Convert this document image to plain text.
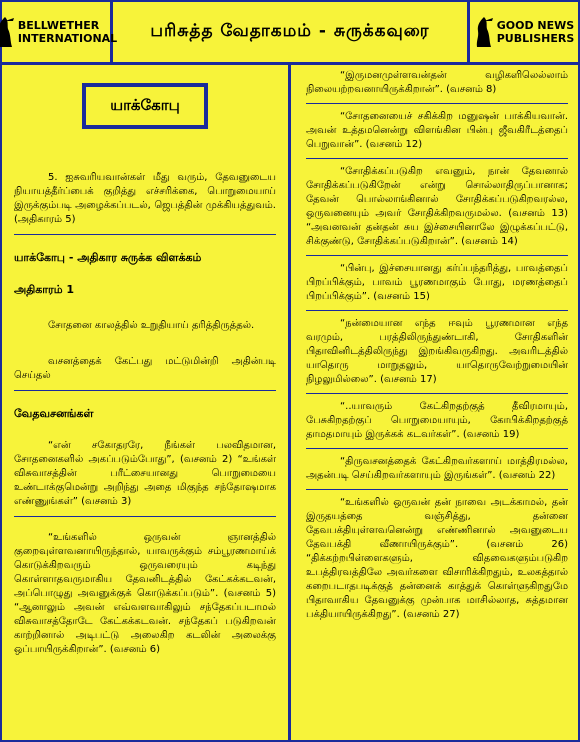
BELLWETHER
INTERNATIONAL பரிசுத்த வேதாகமம் - சுருக்கவுரை	GOOD NEWS
PUBLISHERS
யாக்கோபு

5. ஐசுவரியவான்கள் மீது வரும், தேவனுடைய நியாயத்தீர்ப்பைக் குறித்து எச்சரிக்கை, பொறுமையாய் இருக்கும்படி அழைக்கப்படல், ஜெபத்தின் முக்கியத்துவம். (அதிகாரம் 5)

யாக்கோபு - அதிகார சுருக்க விளக்கம்
அதிகாரம் 1

சோதனை காலத்தில் உறுதியாய் தரித்திருத்தல்.

வசனத்தைக் கேட்பது மட்டுமின்றி அதின்படி செய்தல்

வேதவசனங்கள்

“என் சகோதரரே, நீங்கள் பலவிதமான, சோதனைகளில் அகப்படும்போது”, (வசனம் 2) “உங்கள் விசுவாசத்தின் பரீட்சையானது பொறுமையை உண்டாக்குமென்று அறிந்து அதை மிகுந்த சந்தோஷமாக எண்ணுங்கள்” (வசனம் 3)

“உங்களில் ஒருவன் ஞானத்தில் குறைவுள்ளவனாயிருந்தால், யாவருக்கும் சம்பூரணமாய்க் கொடுக்கிறவரும் ஒருவரையும் கடிந்து கொள்ளாதவருமாகிய தேவனிடத்தில் கேட்கக்கடவன், அப்பொழுது அவனுக்குக் கொடுக்கப்படும்”. (வசனம் 5) “ஆனாலும் அவன் எவ்வளவாகிலும் சந்தேகப்படாமல் விசுவாசத்தோடே கேட்கக்கடவன். சந்தேகப் படுகிறவன் காற்றினால் அடிபட்டு அலைகிற கடலின் அலைக்கு ஒப்பாயிருக்கிறான்”. (வசனம் 6)

“இருமனமுள்ளவன்தன் வழிகளிலெல்லாம் நிலையற்றவனாயிருக்கிறான்”. (வசனம் 8)

“சோதனையைச் சகிக்கிற மனுஷன் பாக்கியவான். அவன் உத்தமனென்று விளங்கின பின்பு ஜீவகிரீடத்தைப் பெறுவான்”. (வசனம் 12)

“சோதிக்கப்படுகிற எவனும், நான் தேவனால் சோதிக்கப்படுகிறேன் என்று சொல்லாதிருப்பானாக; தேவன் பொல்லாங்கினால் சோதிக்கப்படுகிறவரல்ல, ஒருவனையும் அவர் சோதிக்கிறவருமல்ல. (வசனம் 13) “அவனவன் தன்தன் சுய இச்சையினாலே இழுக்கப்பட்டு, சிக்குண்டு, சோதிக்கப்படுகிறான்”. (வசனம் 14)

“பின்பு, இச்சையானது கர்ப்பந்தரித்து, பாவத்தைப் பிறப்பிக்கும், பாவம் பூரணமாகும் போது, மரணத்தைப் பிறப்பிக்கும்”. (வசனம் 15)

“நன்மையான எந்த ஈவும் பூரணமான எந்த வரமும், பரத்திலிருந்துண்டாகி, சோதிகளின் பிதாவினிடத்திலிருந்து இறங்கிவருகிறது. அவரிடத்தில் யாதொரு மாறுதலும், யாதொருவேற்றுமையின் நிழலுமில்லை”. (வசனம் 17)

“..யாவரும் கேட்கிறதற்குத் தீவிரமாயும், பேசுகிறதற்குப் பொறுமையாயும், கோபிக்கிறதற்குத் தாமதமாயும் இருக்கக் கடவர்கள்”. (வசனம் 19)

“திருவசனத்தைக் கேட்கிறவர்களாய் மாத்திரமல்ல, அதன்படி செய்கிறவர்களாயும் இருங்கள்”. (வசனம் 22)

“உங்களில் ஒருவன் தன் நாவை அடக்காமல், தன் இருதயத்தை வஞ்சித்து, தன்னை தேவபக்தியுள்ளவனென்று எண்ணினால் அவனுடைய தேவபக்தி வீணாயிருக்கும்”. (வசனம் 26) “திக்கற்றபிள்ளைகளும், விதவைகளும்படுகிற உபத்திரவத்திலே அவர்களை விசாரிக்கிறதும், உலகத்தால் கறைபடாதபடிக்குத் தன்னைக் காத்துக் கொள்ளுகிறதுமே பிதாவாகிய தேவனுக்கு முன்பாக மாசில்லாத, சுத்தமான பக்தியாயிருக்கிறது”. (வசனம் 27)
